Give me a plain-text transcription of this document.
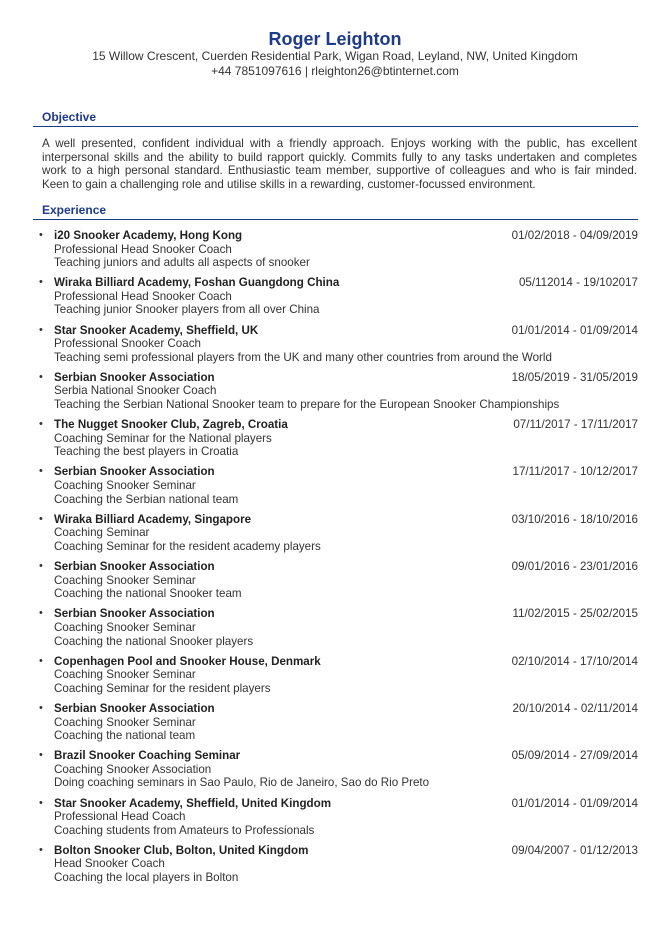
Roger Leighton
15 Willow Crescent, Cuerden Residential Park, Wigan Road, Leyland, NW, United Kingdom
+44 7851097616 | rleighton26@btinternet.com
Objective
A well presented, confident individual with a friendly approach. Enjoys working with the public, has excellent interpersonal skills and the ability to build rapport quickly. Commits fully to any tasks undertaken and completes work to a high personal standard. Enthusiastic team member, supportive of colleagues and who is fair minded. Keen to gain a challenging role and utilise skills in a rewarding, customer-focussed environment.
Experience
• i20 Snooker Academy, Hong Kong	01/02/2018 - 04/09/2019
Professional Head Snooker Coach
Teaching juniors and adults all aspects of snooker
• Wiraka Billiard Academy, Foshan Guangdong China	05/112014 - 19/102017
Professional Head Snooker Coach
Teaching junior Snooker players from all over China
• Star Snooker Academy, Sheffield, UK	01/01/2014 - 01/09/2014
Professional Snooker Coach
Teaching semi professional players from the UK and many other countries from around the World
• Serbian Snooker Association	18/05/2019 - 31/05/2019
Serbia National Snooker Coach
Teaching the Serbian National Snooker team to prepare for the European Snooker Championships
• The Nugget Snooker Club, Zagreb, Croatia	07/11/2017 - 17/11/2017
Coaching Seminar for the National players
Teaching the best players in Croatia
• Serbian Snooker Association	17/11/2017 - 10/12/2017
Coaching Snooker Seminar
Coaching the Serbian national team
• Wiraka Billiard Academy, Singapore	03/10/2016 - 18/10/2016
Coaching Seminar
Coaching Seminar for the resident academy players
• Serbian Snooker Association	09/01/2016 - 23/01/2016
Coaching Snooker Seminar
Coaching the national Snooker team
• Serbian Snooker Association	11/02/2015 - 25/02/2015
Coaching Snooker Seminar
Coaching the national Snooker players
• Copenhagen Pool and Snooker House, Denmark	02/10/2014 - 17/10/2014
Coaching Snooker Seminar
Coaching Seminar for the resident players
• Serbian Snooker Association	20/10/2014 - 02/11/2014
Coaching Snooker Seminar
Coaching the national team
• Brazil Snooker Coaching Seminar	05/09/2014 - 27/09/2014
Coaching Snooker Association
Doing coaching seminars in Sao Paulo, Rio de Janeiro, Sao do Rio Preto
• Star Snooker Academy, Sheffield, United Kingdom	01/01/2014 - 01/09/2014
Professional Head Coach
Coaching students from Amateurs to Professionals
• Bolton Snooker Club, Bolton, United Kingdom	09/04/2007 - 01/12/2013
Head Snooker Coach
Coaching the local players in Bolton
